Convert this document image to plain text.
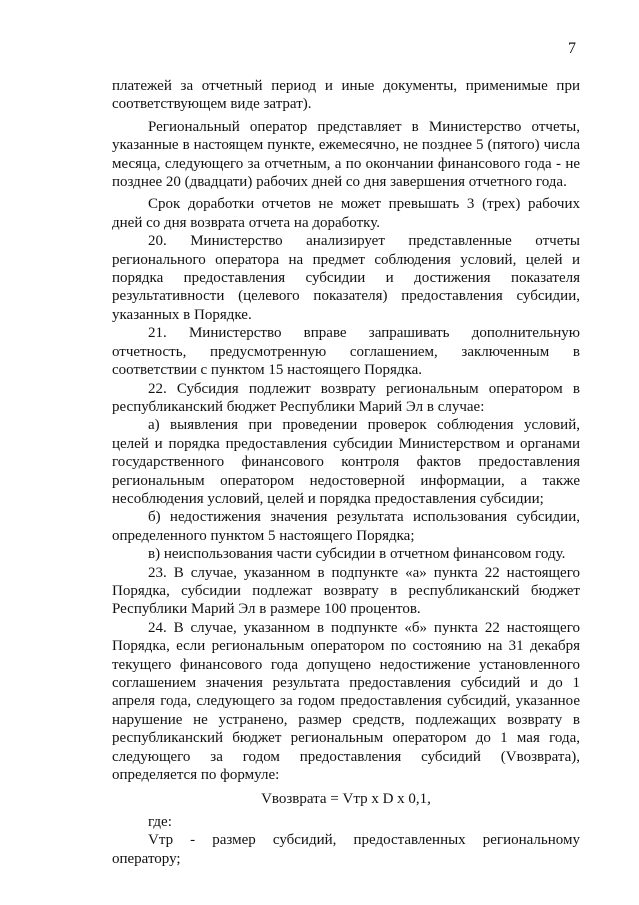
7

платежей за отчетный период и иные документы, применимые при соответствующем виде затрат).

Региональный оператор представляет в Министерство отчеты, указанные в настоящем пункте, ежемесячно, не позднее 5 (пятого) числа месяца, следующего за отчетным, а по окончании финансового года - не позднее 20 (двадцати) рабочих дней со дня завершения отчетного года.

Срок доработки отчетов не может превышать 3 (трех) рабочих дней со дня возврата отчета на доработку.

20. Министерство анализирует представленные отчеты регионального оператора на предмет соблюдения условий, целей и порядка предоставления субсидии и достижения показателя результативности (целевого показателя) предоставления субсидии, указанных в Порядке.

21. Министерство вправе запрашивать дополнительную отчетность, предусмотренную соглашением, заключенным в соответствии с пунктом 15 настоящего Порядка.

22. Субсидия подлежит возврату региональным оператором в республиканский бюджет Республики Марий Эл в случае:

а) выявления при проведении проверок соблюдения условий, целей и порядка предоставления субсидии Министерством и органами государственного финансового контроля фактов предоставления региональным оператором недостоверной информации, а также несоблюдения условий, целей и порядка предоставления субсидии;

б) недостижения значения результата использования субсидии, определенного пунктом 5 настоящего Порядка;

в) неиспользования части субсидии в отчетном финансовом году.

23. В случае, указанном в подпункте «а» пункта 22 настоящего Порядка, субсидии подлежат возврату в республиканский бюджет Республики Марий Эл в размере 100 процентов.

24. В случае, указанном в подпункте «б» пункта 22 настоящего Порядка, если региональным оператором по состоянию на 31 декабря текущего финансового года допущено недостижение установленного соглашением значения результата предоставления субсидий и до 1 апреля года, следующего за годом предоставления субсидий, указанное нарушение не устранено, размер средств, подлежащих возврату в республиканский бюджет региональным оператором до 1 мая года, следующего за годом предоставления субсидий (Vвозврата), определяется по формуле:

Vвозврата = Vтр x D x 0,1,

где:

Vтр - размер субсидий, предоставленных региональному оператору;
